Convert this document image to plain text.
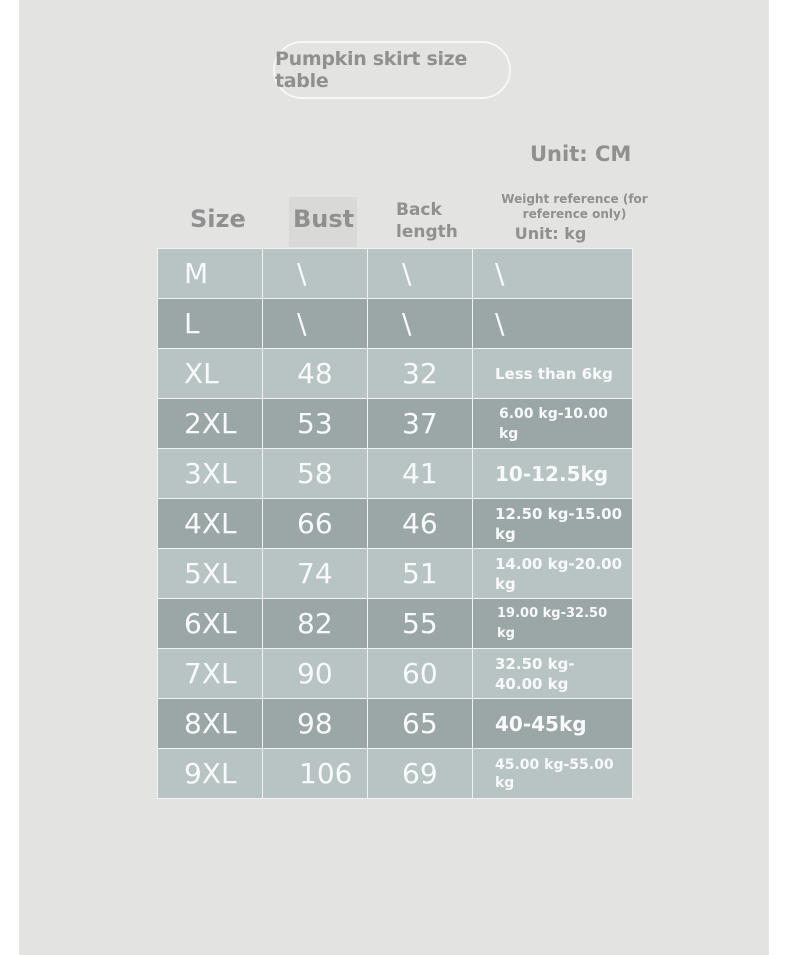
Pumpkin skirt size table
Unit: CM
Size Bust Back length
Weight reference (for reference only)
Unit: kg
M	\	\	\
L	\	\	\
XL	48	32	Less than 6kg
2XL	53	37	6.00 kg-10.00 kg
3XL	58	41	10-12.5kg
4XL	66	46	12.50 kg-15.00 kg
5XL	74	51	14.00 kg-20.00 kg
6XL	82	55	19.00 kg-32.50 kg
7XL	90	60	32.50 kg-40.00 kg
8XL	98	65	40-45kg
9XL	106	69	45.00 kg-55.00 kg
